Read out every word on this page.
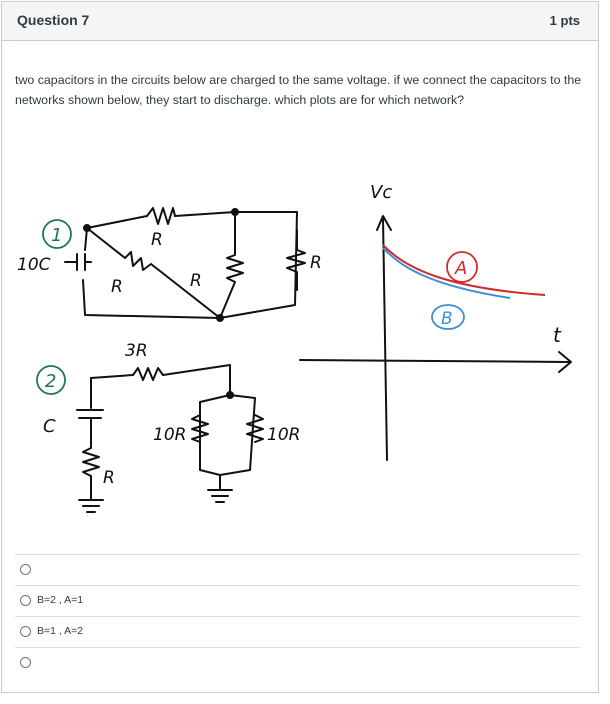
Question 7	1 pts
two capacitors in the circuits below are charged to the same voltage. if we connect the capacitors to the networks shown below, they start to discharge. which plots are for which network?
1
10C
R
R	R
R
2
C
3R
R
10R	10R
Vc
t
A
B
B=2 , A=1
B=1 , A=2
